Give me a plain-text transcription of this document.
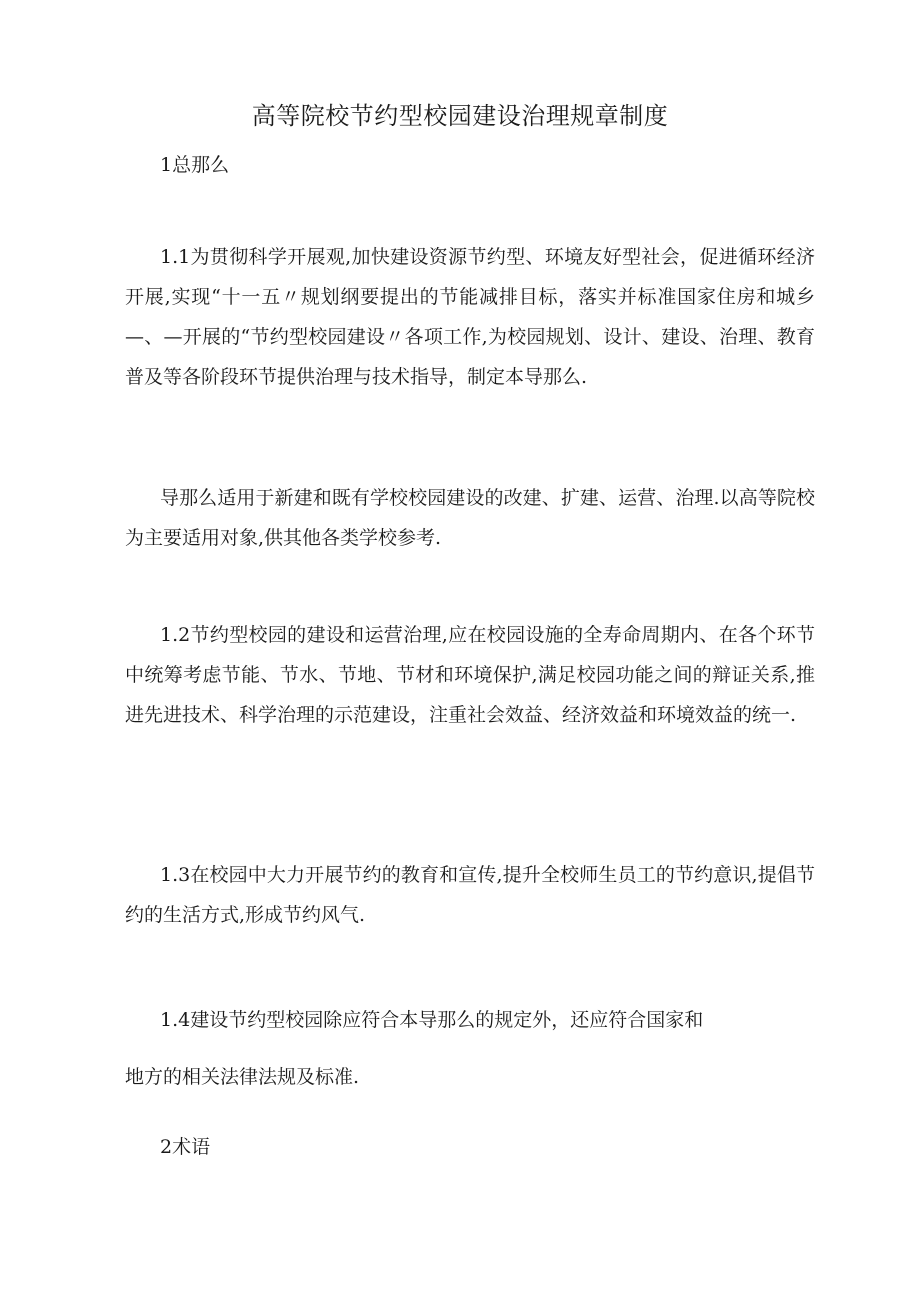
高等院校节约型校园建设治理规章制度
1总那么

1.1为贯彻科学开展观,加快建设资源节约型、环境友好型社会，促进循环经济开展,实现“十一五〃规划纲要提出的节能减排目标，落实并标准国家住房和城乡—、—开展的“节约型校园建设〃各项工作,为校园规划、设计、建设、治理、教育普及等各阶段环节提供治理与技术指导，制定本导那么.

导那么适用于新建和既有学校校园建设的改建、扩建、运营、治理.以高等院校为主要适用对象,供其他各类学校参考.

1.2节约型校园的建设和运营治理,应在校园设施的全寿命周期内、在各个环节中统筹考虑节能、节水、节地、节材和环境保护,满足校园功能之间的辩证关系,推进先进技术、科学治理的示范建设，注重社会效益、经济效益和环境效益的统一.

1.3在校园中大力开展节约的教育和宣传,提升全校师生员工的节约意识,提倡节约的生活方式,形成节约风气.

1.4建设节约型校园除应符合本导那么的规定外，还应符合国家和
地方的相关法律法规及标准.
2术语
